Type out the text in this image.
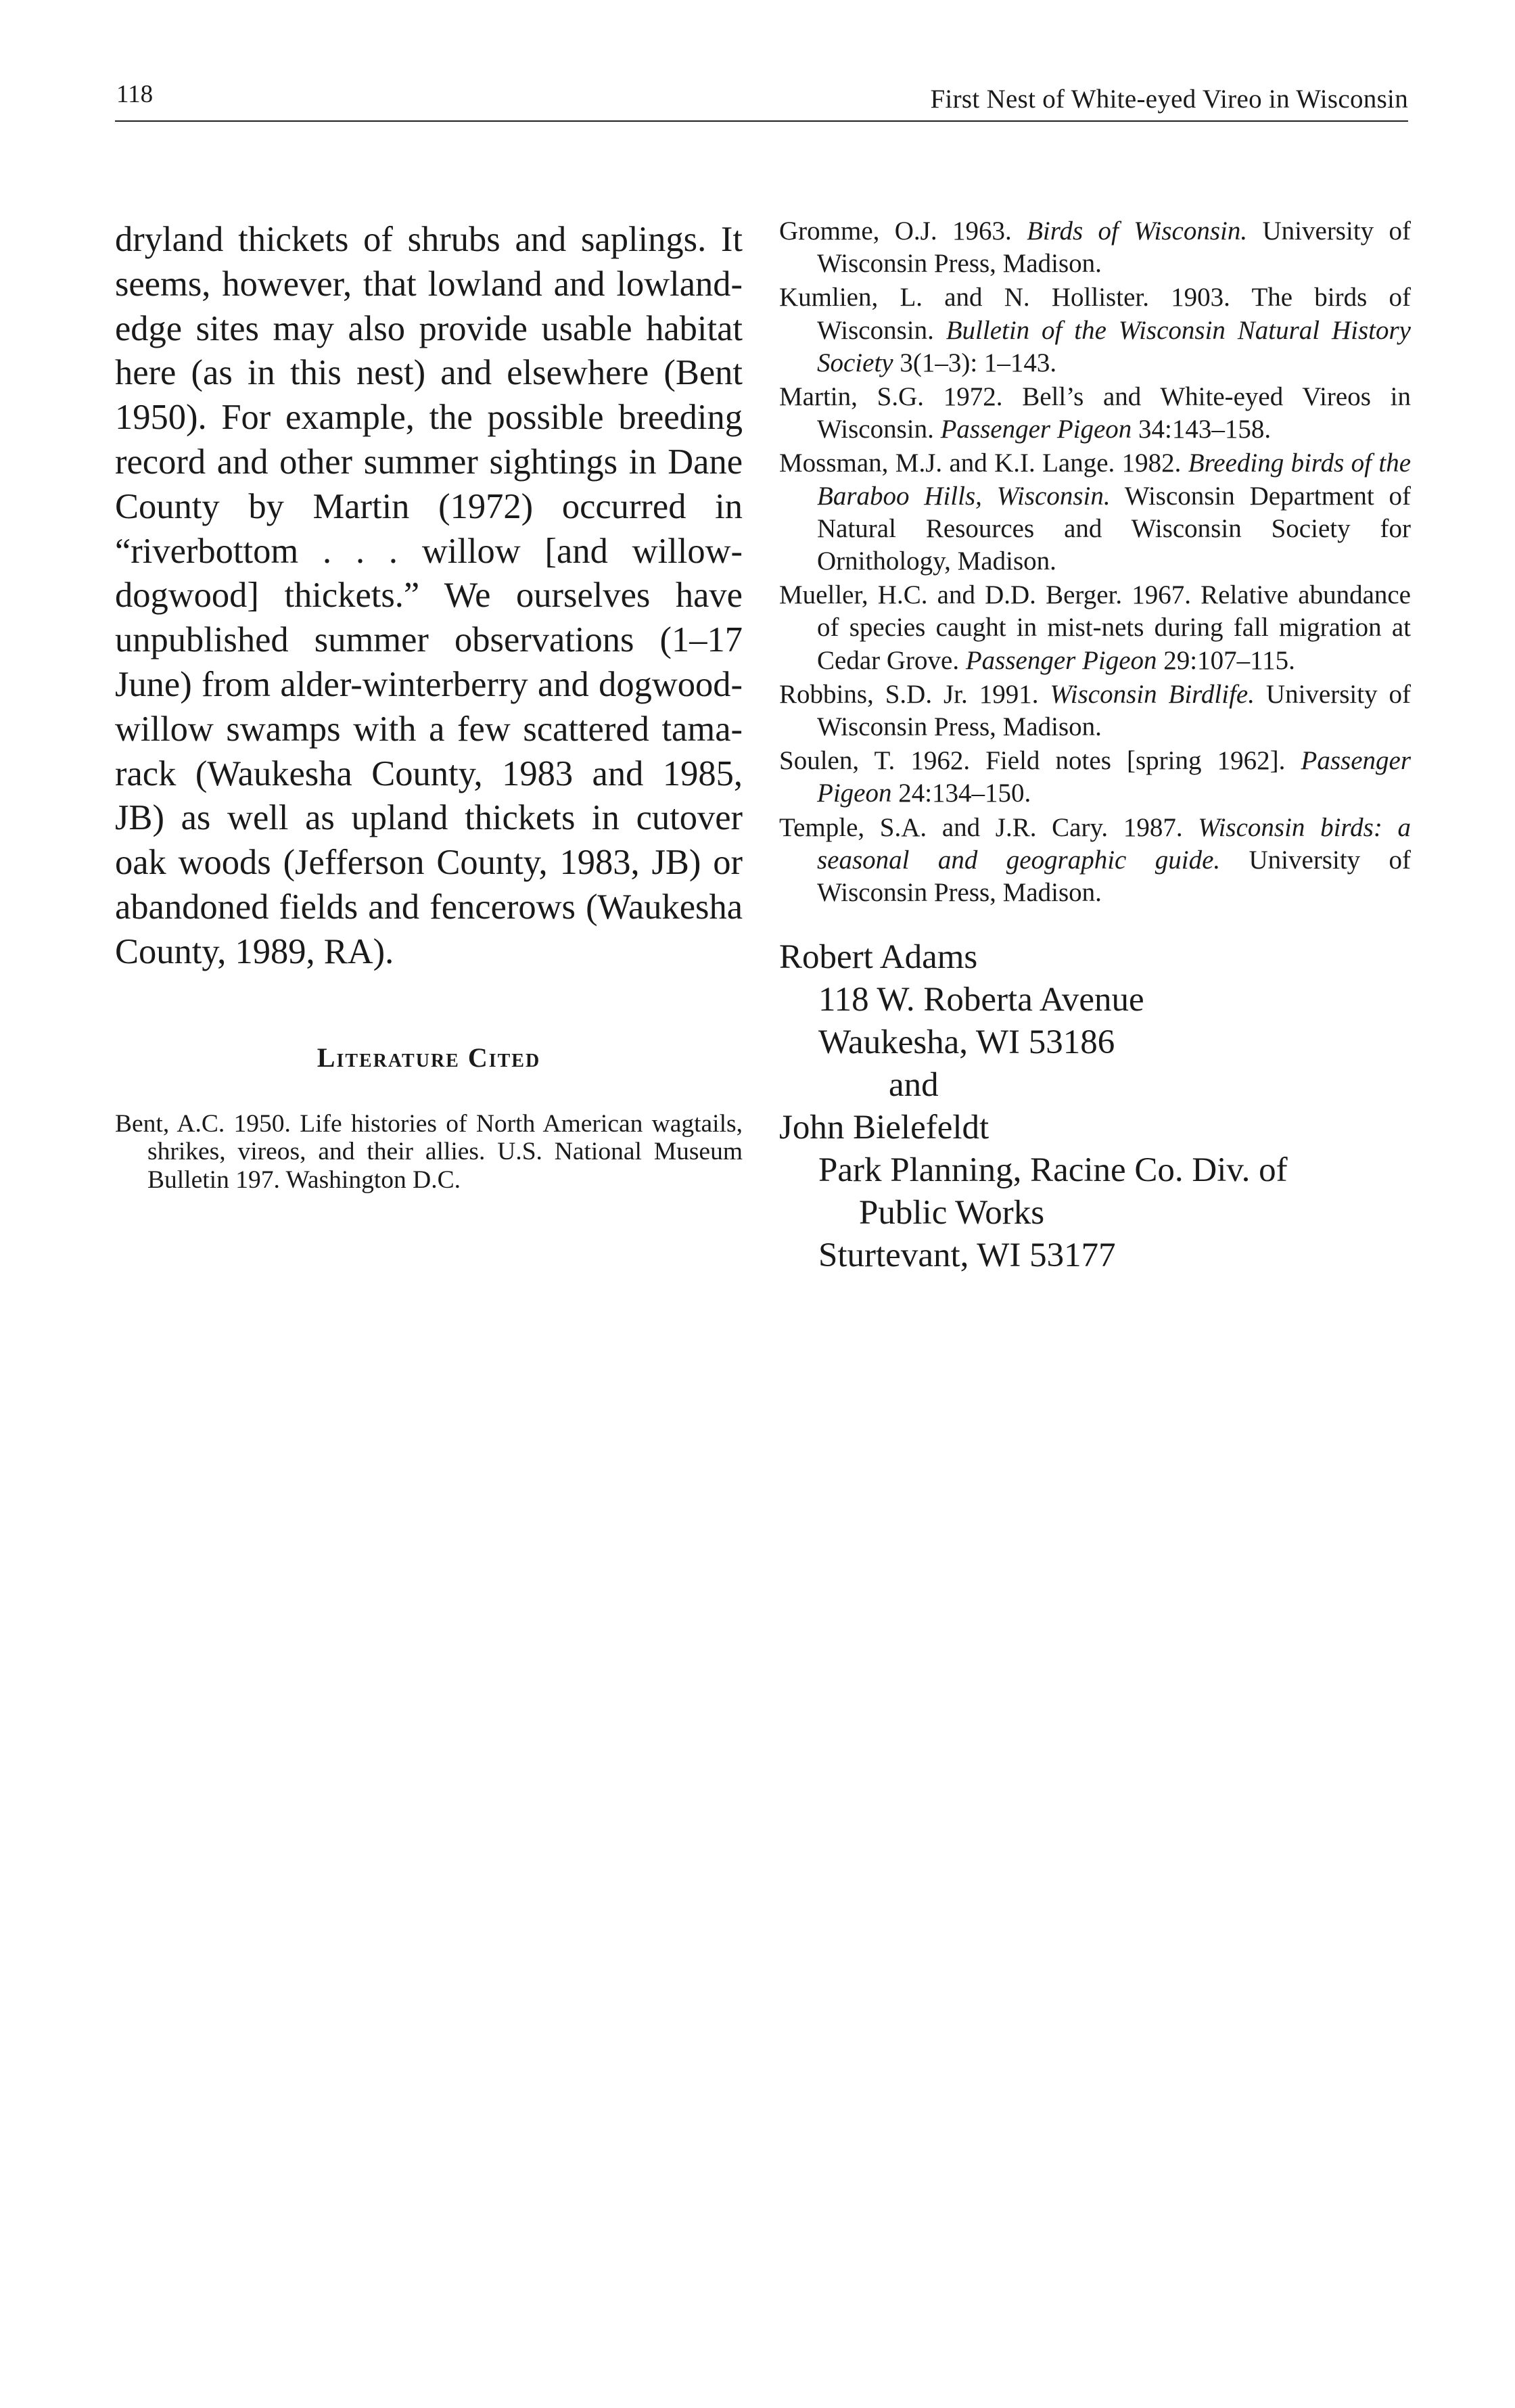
118	First Nest of White-eyed Vireo in Wisconsin

dryland thickets of shrubs and saplings. It seems, however, that lowland and lowland-edge sites may also provide usable habitat here (as in this nest) and elsewhere (Bent 1950). For example, the possible breeding record and other summer sightings in Dane County by Martin (1972) occurred in “riverbottom . . . willow [and willow-dogwood] thickets.” We ourselves have unpublished summer observations (1–17 June) from alder-winterberry and dogwood-willow swamps with a few scattered tamarack (Waukesha County, 1983 and 1985, JB) as well as upland thickets in cutover oak woods (Jefferson County, 1983, JB) or abandoned fields and fencerows (Waukesha County, 1989, RA).

Literature Cited
Bent, A.C. 1950. Life histories of North American wagtails, shrikes, vireos, and their allies. U.S. National Museum Bulletin 197. Washington D.C.
Gromme, O.J. 1963. Birds of Wisconsin. University of Wisconsin Press, Madison.
Kumlien, L. and N. Hollister. 1903. The birds of Wisconsin. Bulletin of the Wisconsin Natural History Society 3(1–3): 1–143.
Martin, S.G. 1972. Bell’s and White-eyed Vireos in Wisconsin. Passenger Pigeon 34:143–158.
Mossman, M.J. and K.I. Lange. 1982. Breeding birds of the Baraboo Hills, Wisconsin. Wisconsin Department of Natural Resources and Wisconsin Society for Ornithology, Madison.
Mueller, H.C. and D.D. Berger. 1967. Relative abundance of species caught in mist-nets during fall migration at Cedar Grove. Passenger Pigeon 29:107–115.
Robbins, S.D. Jr. 1991. Wisconsin Birdlife. University of Wisconsin Press, Madison.
Soulen, T. 1962. Field notes [spring 1962]. Passenger Pigeon 24:134–150.
Temple, S.A. and J.R. Cary. 1987. Wisconsin birds: a seasonal and geographic guide. University of Wisconsin Press, Madison.
Robert Adams
118 W. Roberta Avenue
Waukesha, WI 53186
and
John Bielefeldt
Park Planning, Racine Co. Div. of
Public Works
Sturtevant, WI 53177
